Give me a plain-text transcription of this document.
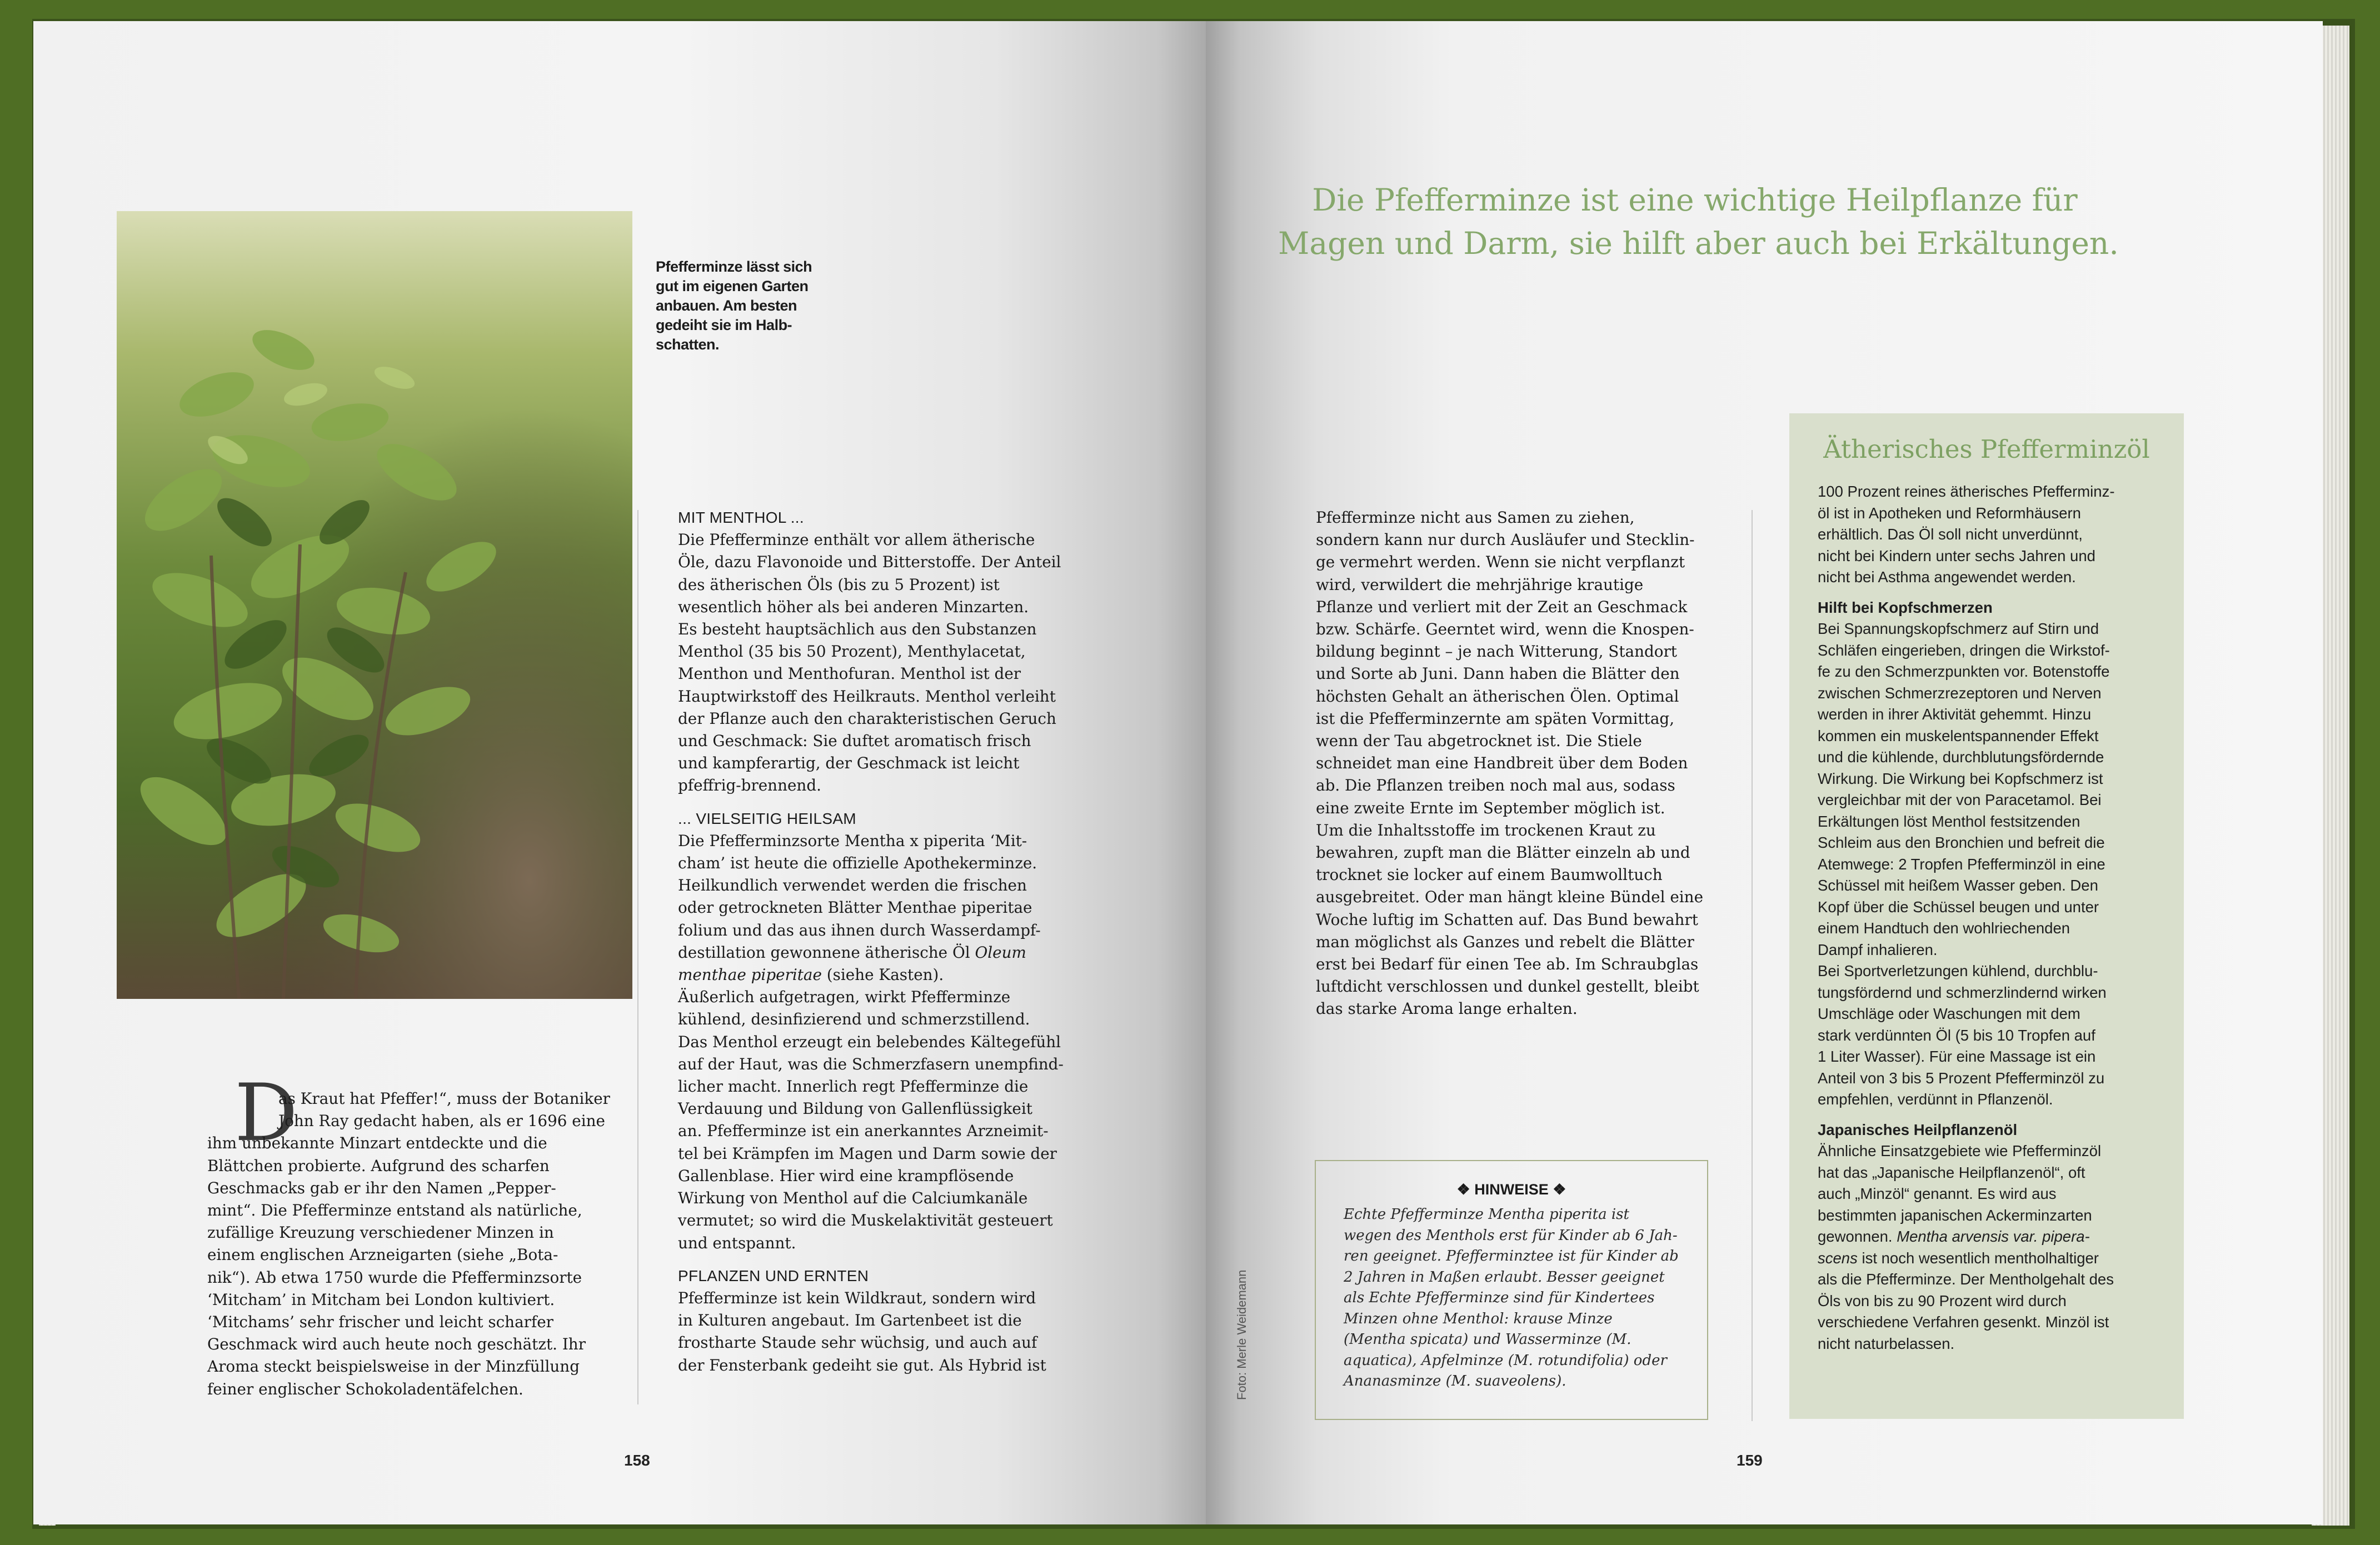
Pfefferminze lässt sich
gut im eigenen Garten
anbauen. Am besten
gedeiht sie im Halb-
schatten.
D
as Kraut hat Pfeffer!“, muss der Botaniker
John Ray gedacht haben, als er 1696 eine
ihm unbekannte Minzart entdeckte und die
Blättchen probierte. Aufgrund des scharfen
Geschmacks gab er ihr den Namen „Pepper-
mint“. Die Pfefferminze entstand als natürliche,
zufällige Kreuzung verschiedener Minzen in
einem englischen Arzneigarten (siehe „Bota-
nik“). Ab etwa 1750 wurde die Pfefferminzsorte
‘Mitcham’ in Mitcham bei London kultiviert.
‘Mitchams’ sehr frischer und leicht scharfer
Geschmack wird auch heute noch geschätzt. Ihr
Aroma steckt beispielsweise in der Minzfüllung
feiner englischer Schokoladentäfelchen.
MIT MENTHOL ...
Die Pfefferminze enthält vor allem ätherische
Öle, dazu Flavonoide und Bitterstoffe. Der Anteil
des ätherischen Öls (bis zu 5 Prozent) ist
wesentlich höher als bei anderen Minzarten.
Es besteht hauptsächlich aus den Substanzen
Menthol (35 bis 50 Prozent), Menthylacetat,
Menthon und Menthofuran. Menthol ist der
Hauptwirkstoff des Heilkrauts. Menthol verleiht
der Pflanze auch den charakteristischen Geruch
und Geschmack: Sie duftet aromatisch frisch
und kampferartig, der Geschmack ist leicht
pfeffrig-brennend.
... VIELSEITIG HEILSAM
Die Pfefferminzsorte Mentha x piperita ‘Mit-
cham’ ist heute die offizielle Apothekerminze.
Heilkundlich verwendet werden die frischen
oder getrockneten Blätter Menthae piperitae
folium und das aus ihnen durch Wasserdampf-
destillation gewonnene ätherische Öl Oleum
menthae piperitae (siehe Kasten).
Äußerlich aufgetragen, wirkt Pfefferminze
kühlend, desinfizierend und schmerzstillend.
Das Menthol erzeugt ein belebendes Kältegefühl
auf der Haut, was die Schmerzfasern unempfind-
licher macht. Innerlich regt Pfefferminze die
Verdauung und Bildung von Gallenflüssigkeit
an. Pfefferminze ist ein anerkanntes Arzneimit-
tel bei Krämpfen im Magen und Darm sowie der
Gallenblase. Hier wird eine krampflösende
Wirkung von Menthol auf die Calciumkanäle
vermutet; so wird die Muskelaktivität gesteuert
und entspannt.
PFLANZEN UND ERNTEN
Pfefferminze ist kein Wildkraut, sondern wird
in Kulturen angebaut. Im Gartenbeet ist die
frostharte Staude sehr wüchsig, und auch auf
der Fensterbank gedeiht sie gut. Als Hybrid ist
158
Die Pfefferminze ist eine wichtige Heilpflanze für
Magen und Darm, sie hilft aber auch bei Erkältungen.
Pfefferminze nicht aus Samen zu ziehen,
sondern kann nur durch Ausläufer und Stecklin-
ge vermehrt werden. Wenn sie nicht verpflanzt
wird, verwildert die mehrjährige krautige
Pflanze und verliert mit der Zeit an Geschmack
bzw. Schärfe. Geerntet wird, wenn die Knospen-
bildung beginnt – je nach Witterung, Standort
und Sorte ab Juni. Dann haben die Blätter den
höchsten Gehalt an ätherischen Ölen. Optimal
ist die Pfefferminzernte am späten Vormittag,
wenn der Tau abgetrocknet ist. Die Stiele
schneidet man eine Handbreit über dem Boden
ab. Die Pflanzen treiben noch mal aus, sodass
eine zweite Ernte im September möglich ist.
Um die Inhaltsstoffe im trockenen Kraut zu
bewahren, zupft man die Blätter einzeln ab und
trocknet sie locker auf einem Baumwolltuch
ausgebreitet. Oder man hängt kleine Bündel eine
Woche luftig im Schatten auf. Das Bund bewahrt
man möglichst als Ganzes und rebelt die Blätter
erst bei Bedarf für einen Tee ab. Im Schraubglas
luftdicht verschlossen und dunkel gestellt, bleibt
das starke Aroma lange erhalten.
❖ HINWEISE ❖
Echte Pfefferminze Mentha piperita ist
wegen des Menthols erst für Kinder ab 6 Jah-
ren geeignet. Pfefferminztee ist für Kinder ab
2 Jahren in Maßen erlaubt. Besser geeignet
als Echte Pfefferminze sind für Kindertees
Minzen ohne Menthol: krause Minze
(Mentha spicata) und Wasserminze (M.
aquatica), Apfelminze (M. rotundifolia) oder
Ananasminze (M. suaveolens).
Ätherisches Pfefferminzöl
100 Prozent reines ätherisches Pfefferminz-
öl ist in Apotheken und Reformhäusern
erhältlich. Das Öl soll nicht unverdünnt,
nicht bei Kindern unter sechs Jahren und
nicht bei Asthma angewendet werden.
Hilft bei Kopfschmerzen
Bei Spannungskopfschmerz auf Stirn und
Schläfen eingerieben, dringen die Wirkstof-
fe zu den Schmerzpunkten vor. Botenstoffe
zwischen Schmerzrezeptoren und Nerven
werden in ihrer Aktivität gehemmt. Hinzu
kommen ein muskelentspannender Effekt
und die kühlende, durchblutungsfördernde
Wirkung. Die Wirkung bei Kopfschmerz ist
vergleichbar mit der von Paracetamol. Bei
Erkältungen löst Menthol festsitzenden
Schleim aus den Bronchien und befreit die
Atemwege: 2 Tropfen Pfefferminzöl in eine
Schüssel mit heißem Wasser geben. Den
Kopf über die Schüssel beugen und unter
einem Handtuch den wohlriechenden
Dampf inhalieren.
Bei Sportverletzungen kühlend, durchblu-
tungsfördernd und schmerzlindernd wirken
Umschläge oder Waschungen mit dem
stark verdünnten Öl (5 bis 10 Tropfen auf
1 Liter Wasser). Für eine Massage ist ein
Anteil von 3 bis 5 Prozent Pfefferminzöl zu
empfehlen, verdünnt in Pflanzenöl.
Japanisches Heilpflanzenöl
Ähnliche Einsatzgebiete wie Pfefferminzöl
hat das „Japanische Heilpflanzenöl“, oft
auch „Minzöl“ genannt. Es wird aus
bestimmten japanischen Ackerminzarten
gewonnen. Mentha arvensis var. pipera-
scens ist noch wesentlich mentholhaltiger
als die Pfefferminze. Der Mentholgehalt des
Öls von bis zu 90 Prozent wird durch
verschiedene Verfahren gesenkt. Minzöl ist
nicht naturbelassen.
159
Foto: Merle Weidemann
